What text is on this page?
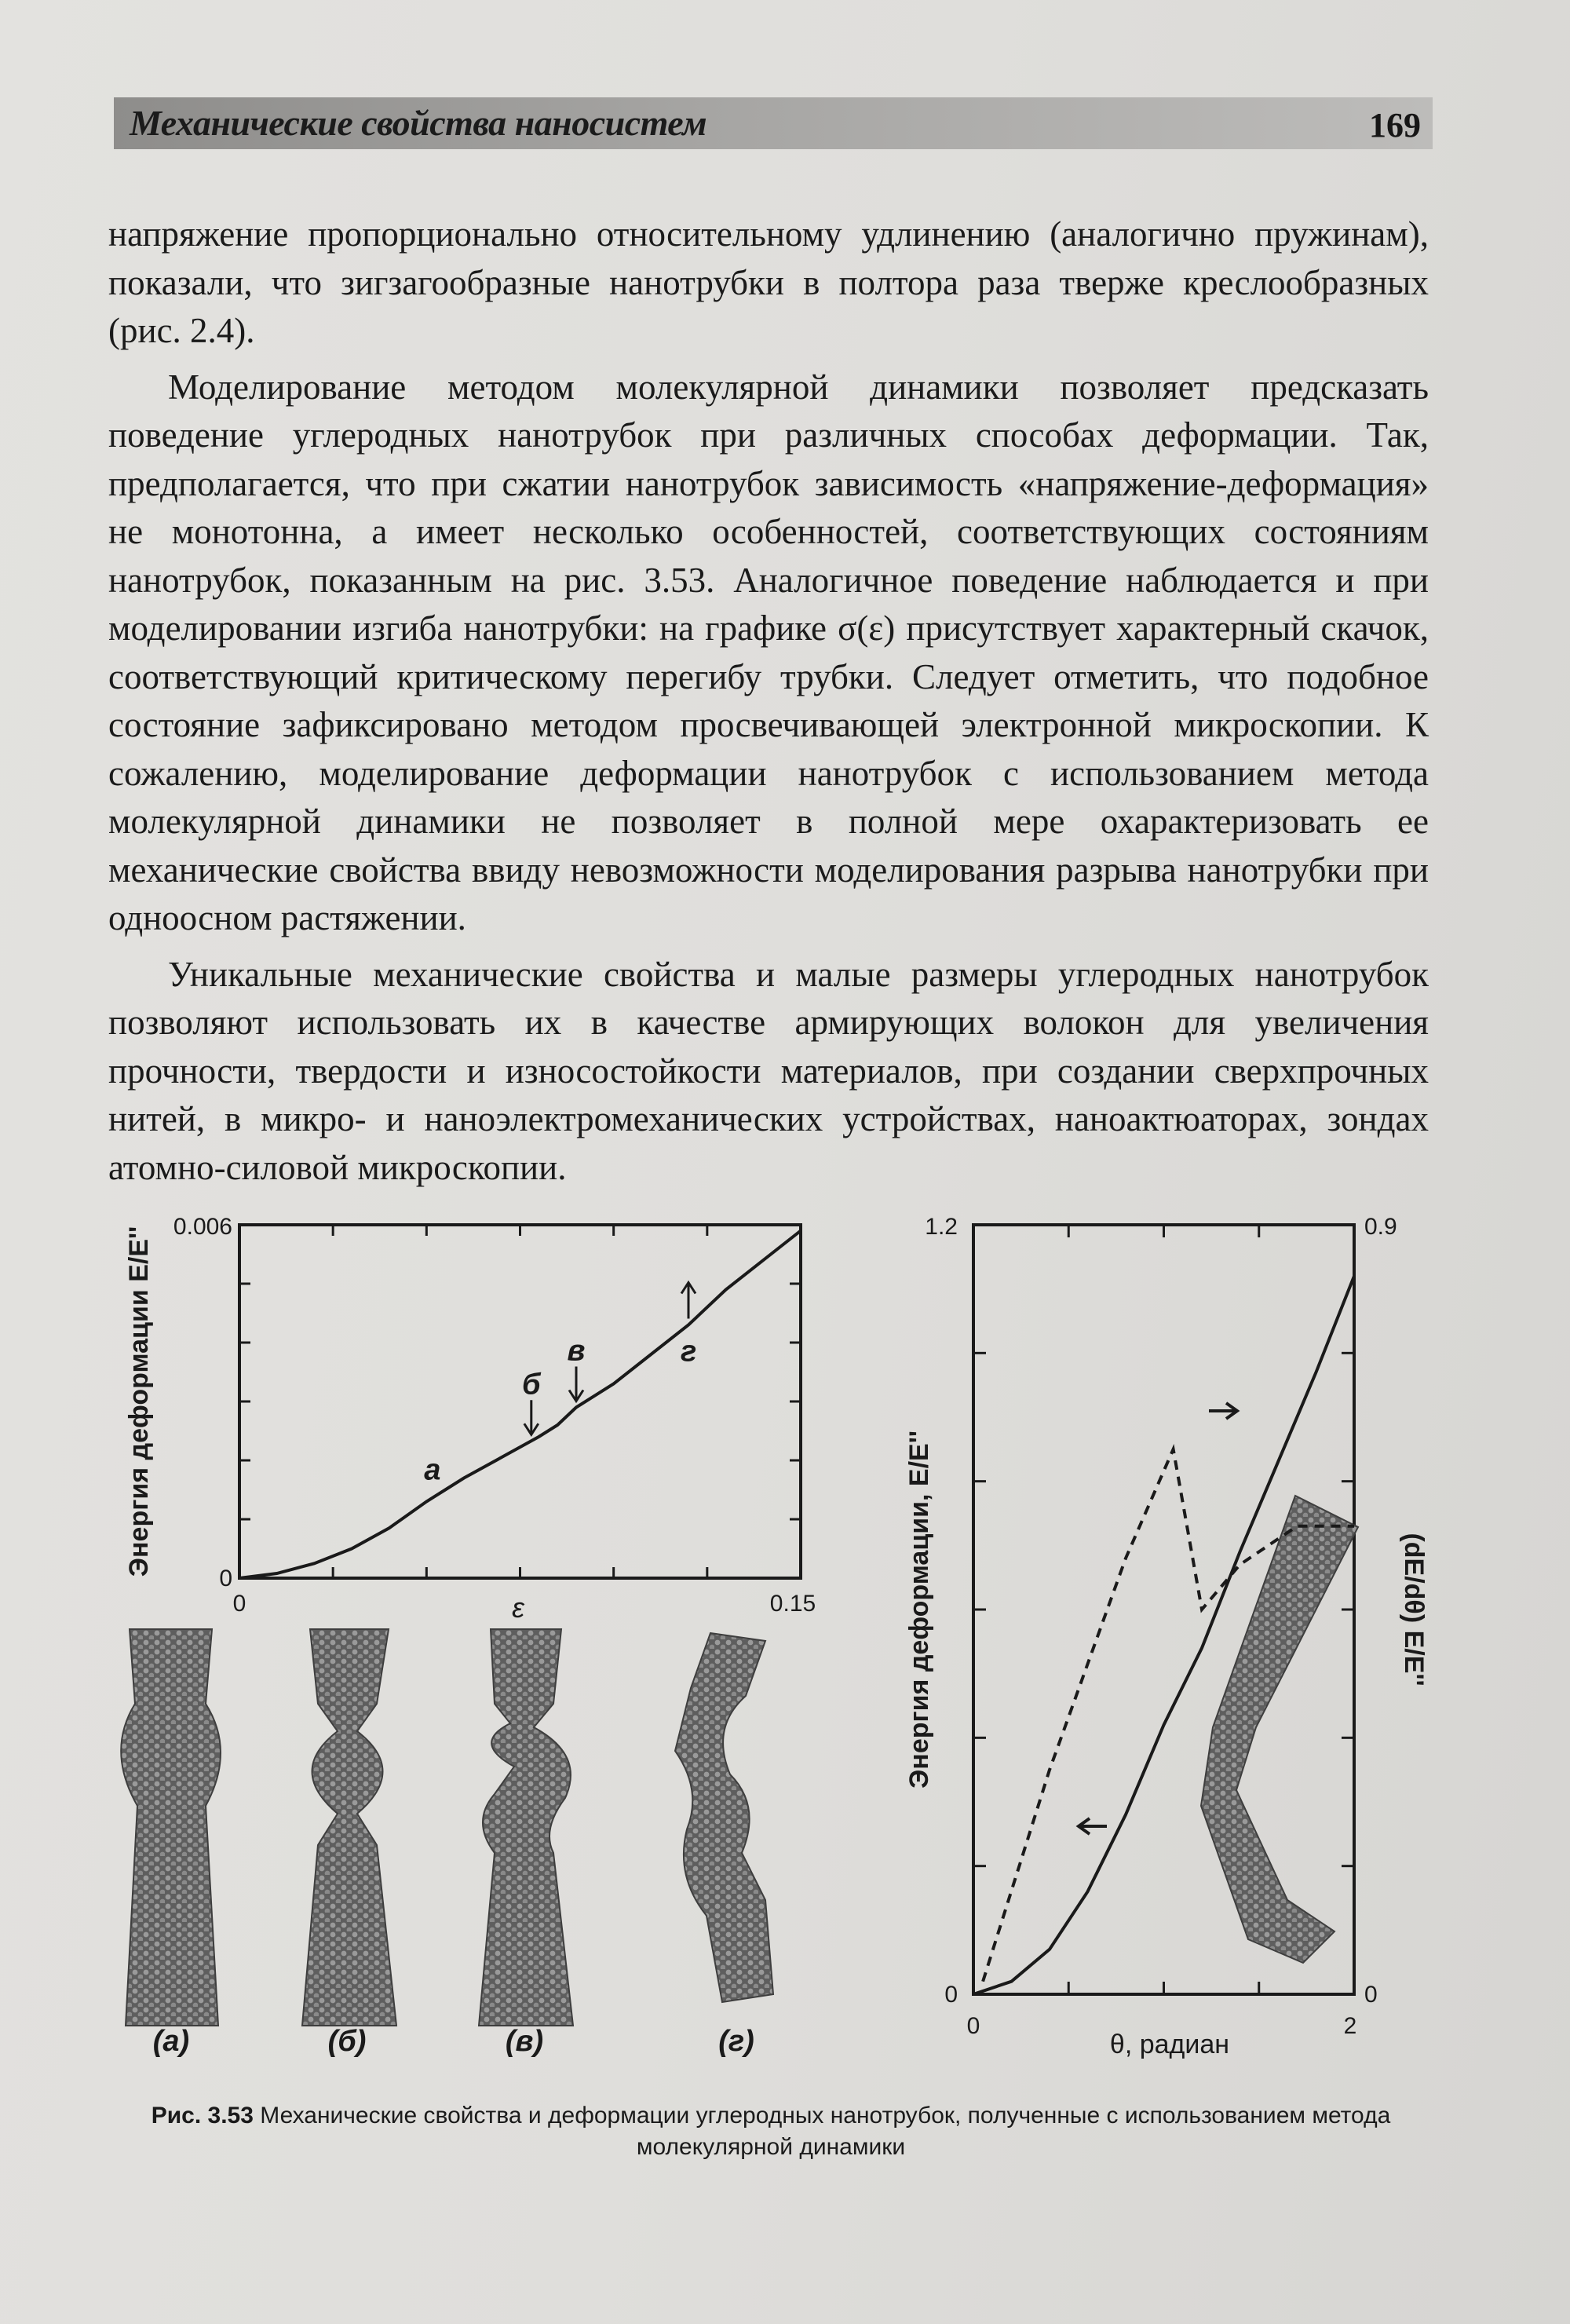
Механические свойства наносистем	169

напряжение пропорционально относительному удлинению (аналогично пружинам), показали, что зигзагообразные нанотрубки в полтора раза тверже креслообразных (рис. 2.4).

Моделирование методом молекулярной динамики позволяет предсказать поведение углеродных нанотрубок при различных способах деформации. Так, предполагается, что при сжатии нанотрубок зависимость «напряжение-деформация» не монотонна, а имеет несколько особенностей, соответствующих состояниям нанотрубок, показанным на рис. 3.53. Аналогичное поведение наблюдается и при моделировании изгиба нанотрубки: на графике σ(ε) присутствует характерный скачок, соответствующий критическому перегибу трубки. Следует отметить, что подобное состояние зафиксировано методом просвечивающей электронной микроскопии. К сожалению, моделирование деформации нанотрубок с использованием метода молекулярной динамики не позволяет в полной мере охарактеризовать ее механические свойства ввиду невозможности моделирования разрыва нанотрубки при одноосном растяжении.

Уникальные механические свойства и малые размеры углеродных нанотрубок позволяют использовать их в качестве армирующих волокон для увеличения прочности, твердости и износостойкости материалов, при создании сверхпрочных нитей, в микро- и наноэлектромеханических устройствах, наноактюаторах, зондах атомно-силовой микроскопии.

0.006
0
0	0.15
ε
Энергия деформации E/E''	а
б
в	г
1.2
0
0.9
0
0	2
θ, радиан
Энергия деформации, E/E''	(dE/dθ) E/E''
(а)	(б)	(в)	(г)
Рис. 3.53 Механические свойства и деформации углеродных нанотрубок, полученные с использованием метода молекулярной динамики
